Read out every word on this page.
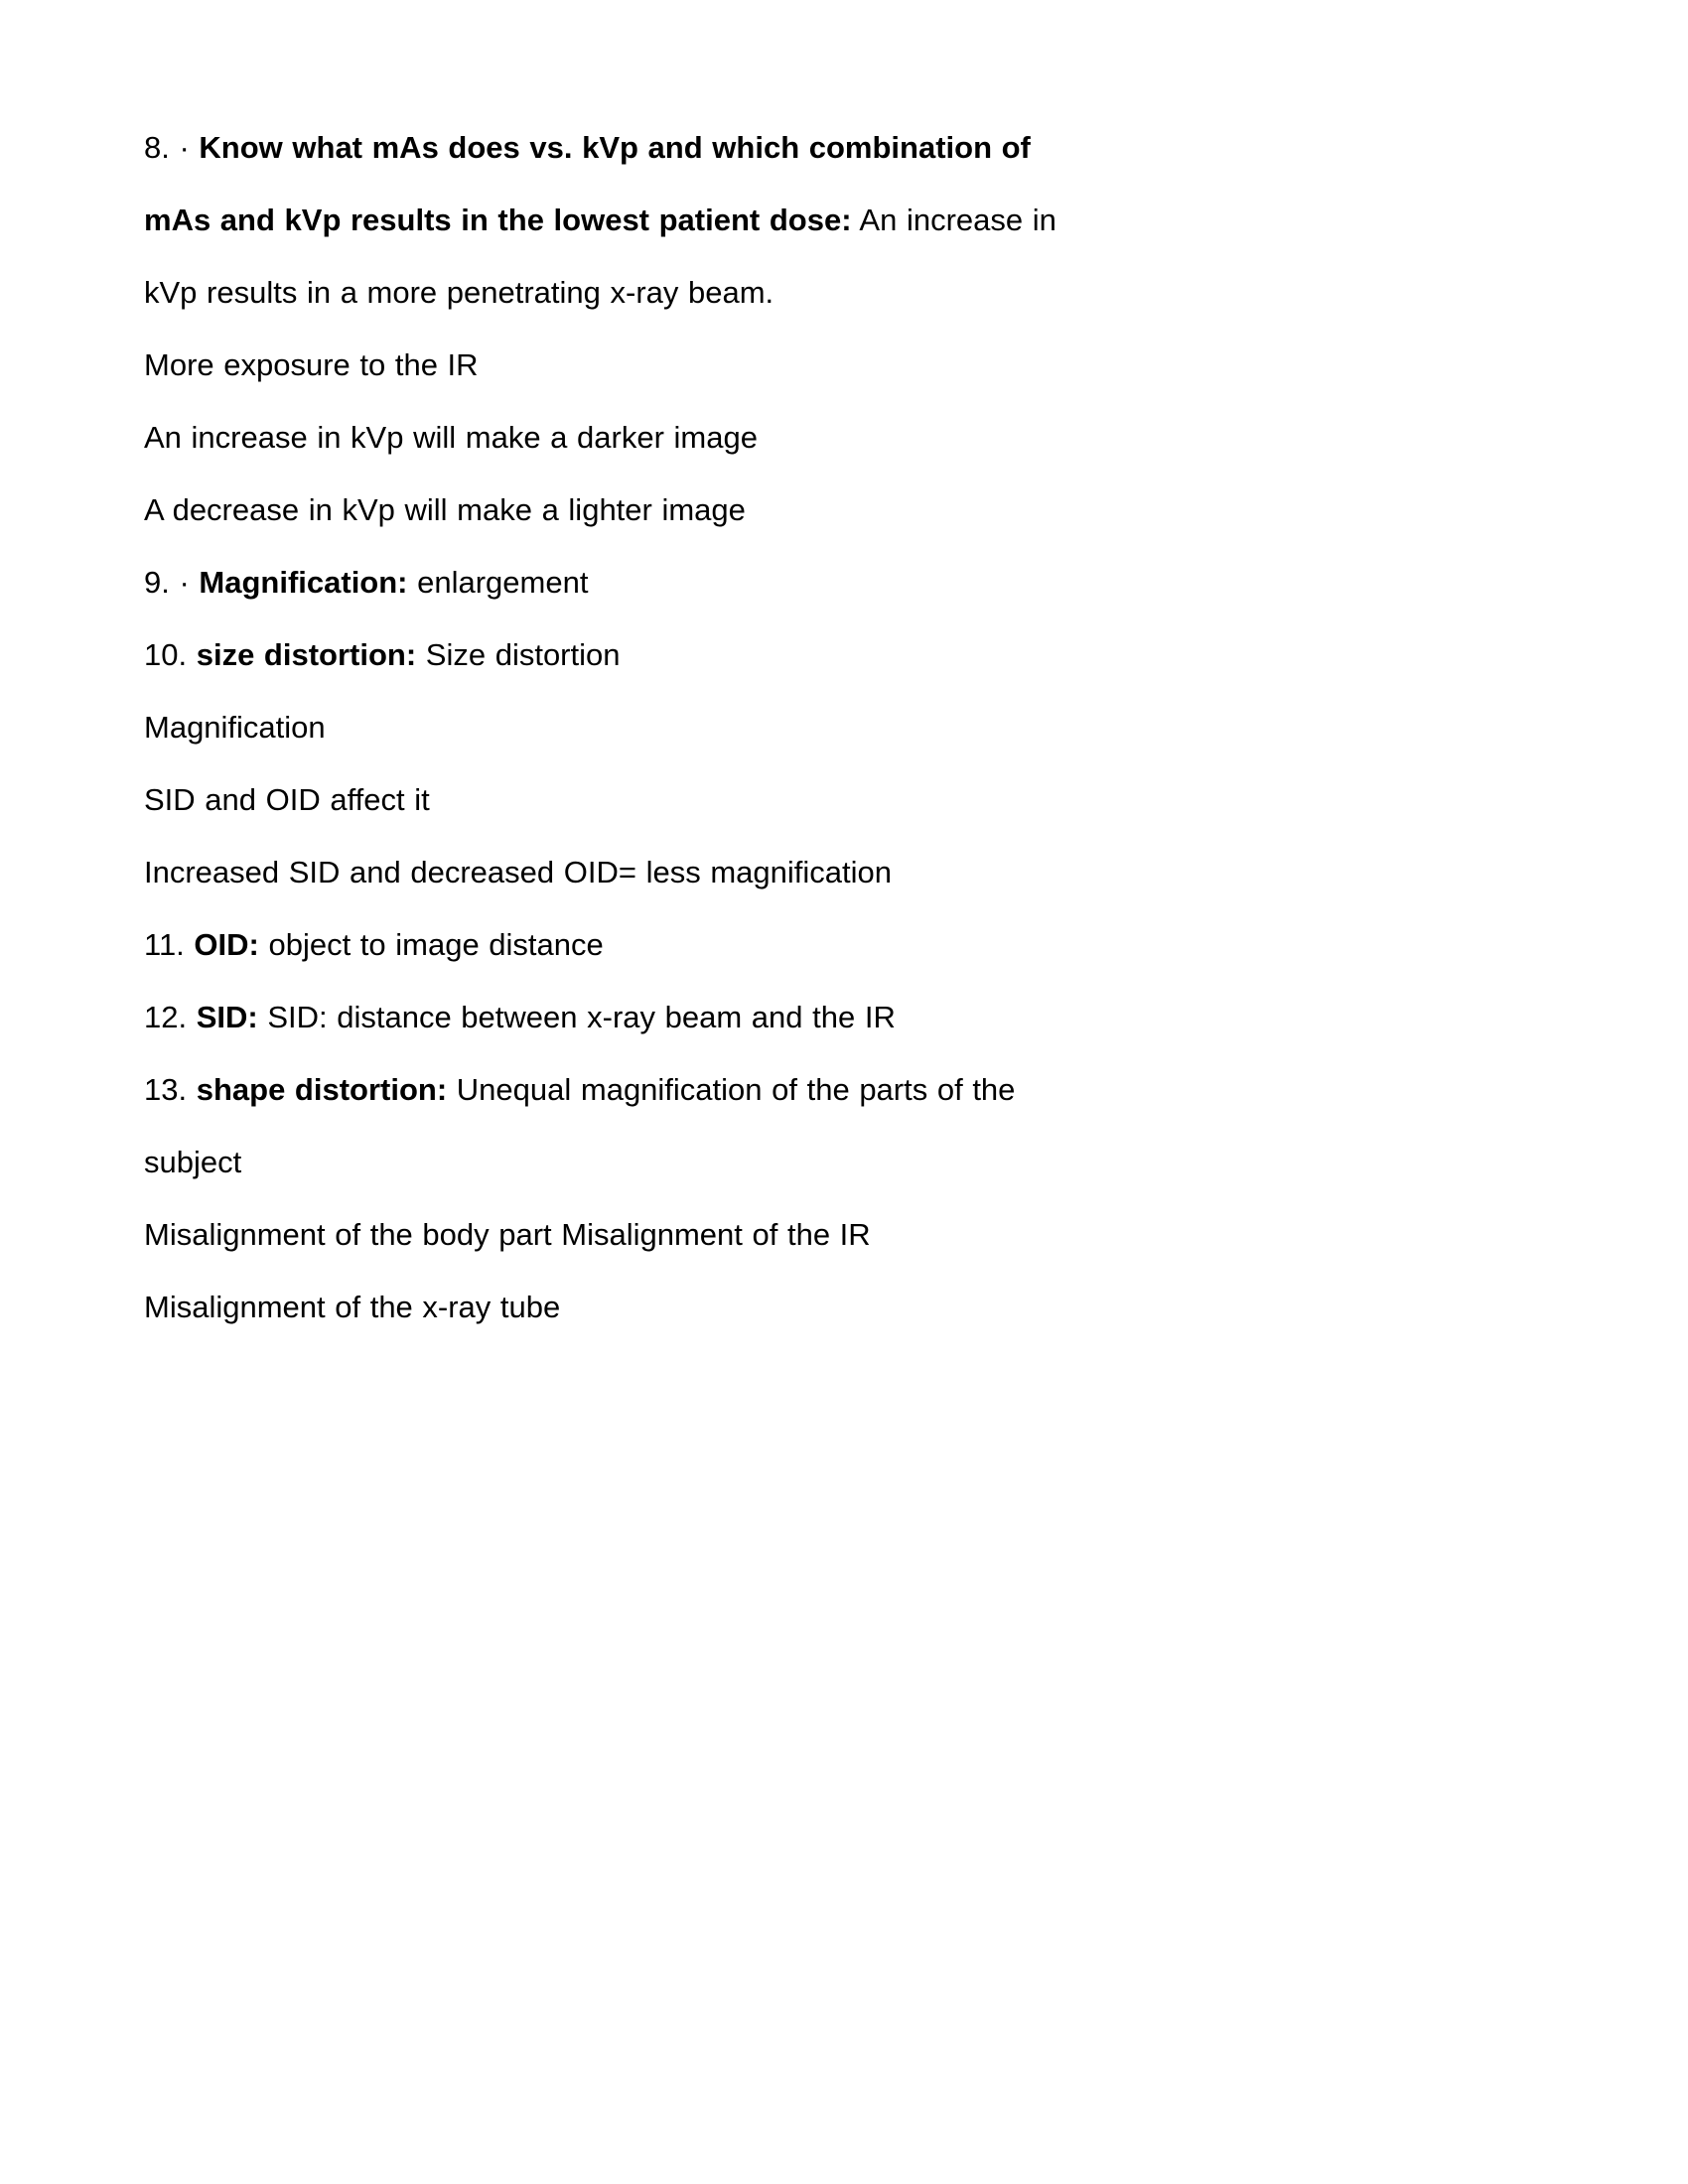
8. · Know what mAs does vs. kVp and which combination of mAs and kVp results in the lowest patient dose: An increase in kVp results in a more penetrating x-ray beam.

More exposure to the IR

An increase in kVp will make a darker image

A decrease in kVp will make a lighter image

9. · Magnification: enlargement

10. size distortion: Size distortion

Magnification

SID and OID affect it

Increased SID and decreased OID= less magnification

11. OID: object to image distance

12. SID: SID: distance between x-ray beam and the IR

13. shape distortion: Unequal magnification of the parts of the subject

Misalignment of the body part Misalignment of the IR

Misalignment of the x-ray tube
